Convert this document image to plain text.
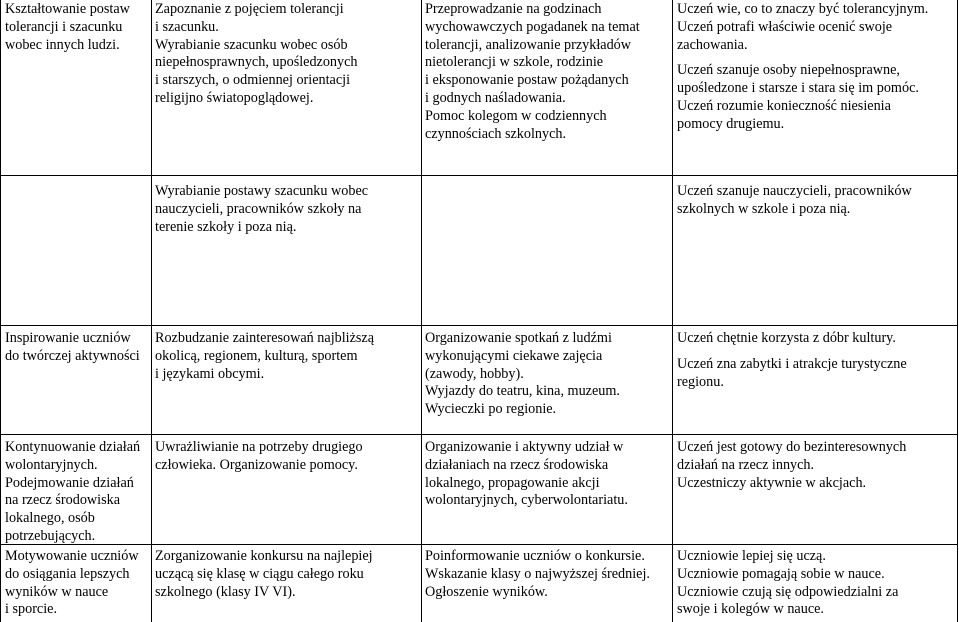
Kształtowanie postaw
tolerancji i szacunku
wobec innych ludzi.
Zapoznanie z pojęciem tolerancji
i szacunku.
Wyrabianie szacunku wobec osób
niepełnosprawnych, upośledzonych
i starszych, o odmiennej orientacji
religijno światopoglądowej.
Przeprowadzanie na godzinach
wychowawczych pogadanek na temat
tolerancji, analizowanie przykładów
nietolerancji w szkole, rodzinie
i eksponowanie postaw pożądanych
i godnych naśladowania.
Pomoc kolegom w codziennych
czynnościach szkolnych.
Uczeń wie, co to znaczy być tolerancyjnym.
Uczeń potrafi właściwie ocenić swoje
zachowania.
Uczeń szanuje osoby niepełnosprawne,
upośledzone i starsze i stara się im pomóc.
Uczeń rozumie konieczność niesienia
pomocy drugiemu.
Wyrabianie postawy szacunku wobec
nauczycieli, pracowników szkoły na
terenie szkoły i poza nią.
Uczeń szanuje nauczycieli, pracowników
szkolnych w szkole i poza nią.
Inspirowanie uczniów
do twórczej aktywności
Rozbudzanie zainteresowań najbliższą
okolicą, regionem, kulturą, sportem
i językami obcymi.
Organizowanie spotkań z ludźmi
wykonującymi ciekawe zajęcia
(zawody, hobby).
Wyjazdy do teatru, kina, muzeum.
Wycieczki po regionie.
Uczeń chętnie korzysta z dóbr kultury.
Uczeń zna zabytki i atrakcje turystyczne
regionu.
Kontynuowanie działań
wolontaryjnych.
Podejmowanie działań
na rzecz środowiska
lokalnego, osób
potrzebujących.
Uwrażliwianie na potrzeby drugiego
człowieka. Organizowanie pomocy.
Organizowanie i aktywny udział w
działaniach na rzecz środowiska
lokalnego, propagowanie akcji
wolontaryjnych, cyberwolontariatu.
Uczeń jest gotowy do bezinteresownych
działań na rzecz innych.
Uczestniczy aktywnie w akcjach.
Motywowanie uczniów
do osiągania lepszych
wyników w nauce
i sporcie.
Zorganizowanie konkursu na najlepiej
uczącą się klasę w ciągu całego roku
szkolnego (klasy IV VI).
Poinformowanie uczniów o konkursie.
Wskazanie klasy o najwyższej średniej.
Ogłoszenie wyników.
Uczniowie lepiej się uczą.
Uczniowie pomagają sobie w nauce.
Uczniowie czują się odpowiedzialni za
swoje i kolegów w nauce.
